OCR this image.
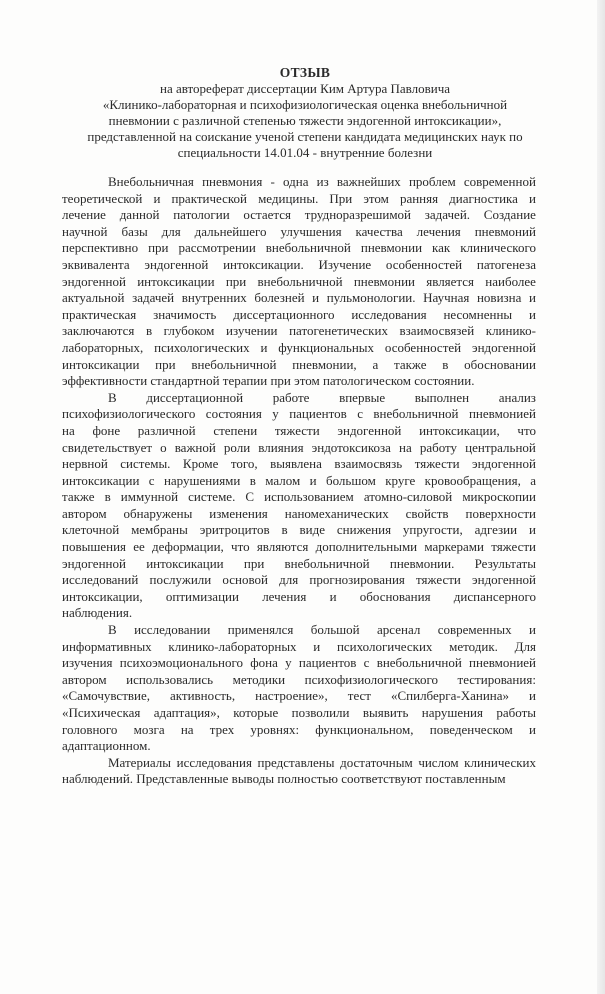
ОТЗЫВ
на автореферат диссертации Ким Артура Павловича
«Клинико-лабораторная и психофизиологическая оценка внебольничной
пневмонии с различной степенью тяжести эндогенной интоксикации»,
представленной на соискание ученой степени кандидата медицинских наук по
специальности 14.01.04 - внутренние болезни
Внебольничная пневмония - одна из важнейших проблем современной
теоретической и практической медицины. При этом ранняя диагностика и
лечение данной патологии остается трудноразрешимой задачей. Создание
научной базы для дальнейшего улучшения качества лечения пневмоний
перспективно при рассмотрении внебольничной пневмонии как клинического
эквивалента эндогенной интоксикации. Изучение особенностей патогенеза
эндогенной интоксикации при внебольничной пневмонии является наиболее
актуальной задачей внутренних болезней и пульмонологии. Научная новизна и
практическая значимость диссертационного исследования несомненны и
заключаются в глубоком изучении патогенетических взаимосвязей клинико-
лабораторных, психологических и функциональных особенностей эндогенной
интоксикации при внебольничной пневмонии, а также в обосновании
эффективности стандартной терапии при этом патологическом состоянии.
В диссертационной работе впервые выполнен анализ
психофизиологического состояния у пациентов с внебольничной пневмонией
на фоне различной степени тяжести эндогенной интоксикации, что
свидетельствует о важной роли влияния эндотоксикоза на работу центральной
нервной системы. Кроме того, выявлена взаимосвязь тяжести эндогенной
интоксикации с нарушениями в малом и большом круге кровообращения, а
также в иммунной системе. С использованием атомно-силовой микроскопии
автором обнаружены изменения наномеханических свойств поверхности
клеточной мембраны эритроцитов в виде снижения упругости, адгезии и
повышения ее деформации, что являются дополнительными маркерами тяжести
эндогенной интоксикации при внебольничной пневмонии. Результаты
исследований послужили основой для прогнозирования тяжести эндогенной
интоксикации, оптимизации лечения и обоснования диспансерного
наблюдения.
В исследовании применялся большой арсенал современных и
информативных клинико-лабораторных и психологических методик. Для
изучения психоэмоционального фона у пациентов с внебольничной пневмонией
автором использовались методики психофизиологического тестирования:
«Самочувствие, активность, настроение», тест «Спилберга-Ханина» и
«Психическая адаптация», которые позволили выявить нарушения работы
головного мозга на трех уровнях: функциональном, поведенческом и
адаптационном.
Материалы исследования представлены достаточным числом клинических
наблюдений. Представленные выводы полностью соответствуют поставленным
